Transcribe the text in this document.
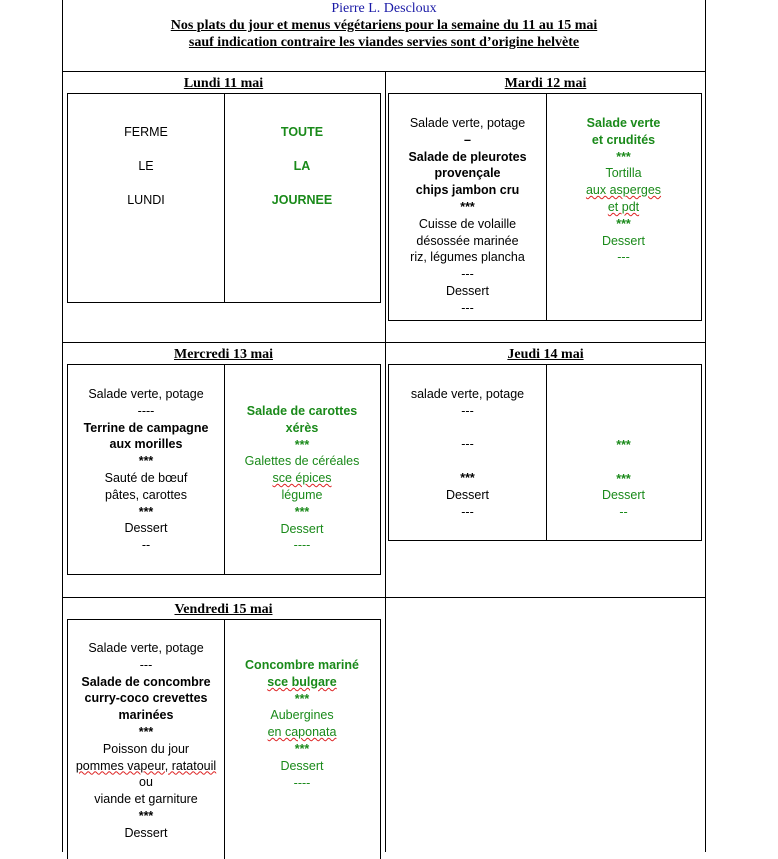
Pierre L. Descloux
Nos plats du jour et menus végétariens pour la semaine du 11 au 15 mai
sauf indication contraire les viandes servies sont d’origine helvète
Lundi 11 mai
FERME
LE
LUNDI
TOUTE
LA
JOURNEE
Mardi 12 mai
Salade verte, potage
–
Salade de pleurotes
provençale
chips jambon cru
***
Cuisse de volaille
désossée marinée
riz, légumes plancha
---
Dessert
---
Salade verte
et crudités
***
Tortilla
aux asperges
et pdt
***
Dessert
---
Mercredi 13 mai
Salade verte, potage
----
Terrine de campagne
aux morilles
***
Sauté de bœuf
pâtes, carottes
***
Dessert
--
Salade de carottes
xérès
***
Galettes de céréales
sce épices
légume
***
Dessert
----
Jeudi 14 mai
salade verte, potage
---
---
***
Dessert
---
***
***
Dessert
--
Vendredi 15 mai
Salade verte, potage
---
Salade de concombre
curry-coco crevettes
marinées
***
Poisson du jour
pommes vapeur, ratatouil
ou
viande et garniture
***
Dessert
Concombre mariné
sce bulgare
***
Aubergines
en caponata
***
Dessert
----
